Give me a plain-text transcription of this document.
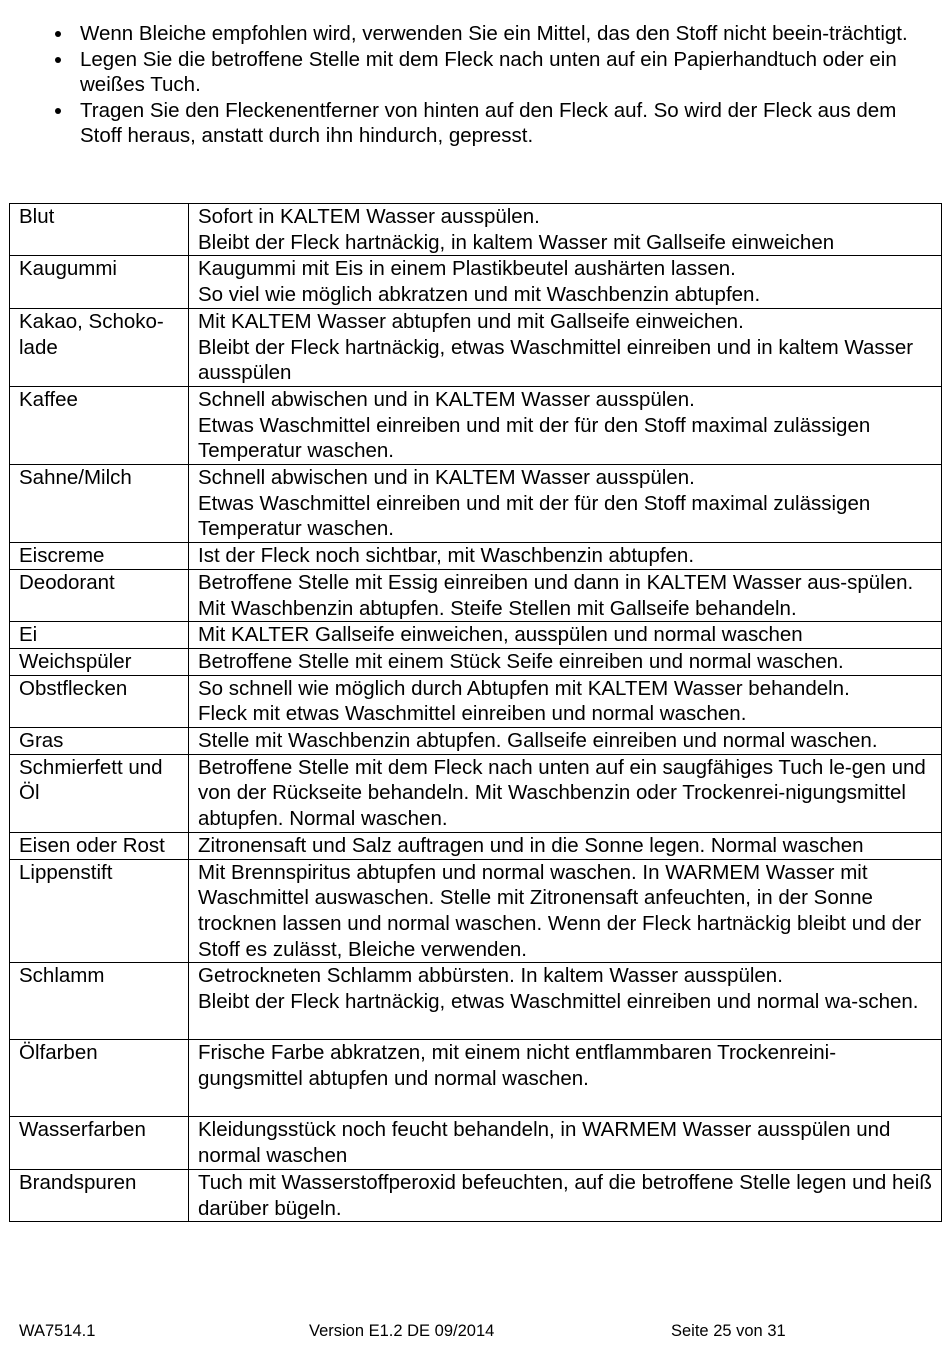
Wenn Bleiche empfohlen wird, verwenden Sie ein Mittel, das den Stoff nicht beein-trächtigt.
Legen Sie die betroffene Stelle mit dem Fleck nach unten auf ein Papierhandtuch oder ein weißes Tuch.
Tragen Sie den Fleckenentferner von hinten auf den Fleck auf. So wird der Fleck aus dem Stoff heraus, anstatt durch ihn hindurch, gepresst.
Blut	Sofort in KALTEM Wasser ausspülen.
Bleibt der Fleck hartnäckig, in kaltem Wasser mit Gallseife einweichen

Kaugummi	Kaugummi mit Eis in einem Plastikbeutel aushärten lassen.
So viel wie möglich abkratzen und mit Waschbenzin abtupfen.

Kakao, Schoko-lade	Mit KALTEM Wasser abtupfen und mit Gallseife einweichen.
Bleibt der Fleck hartnäckig, etwas Waschmittel einreiben und in kaltem Wasser ausspülen

Kaffee	Schnell abwischen und in KALTEM Wasser ausspülen.
Etwas Waschmittel einreiben und mit der für den Stoff maximal zulässigen Temperatur waschen.

Sahne/Milch	Schnell abwischen und in KALTEM Wasser ausspülen.
Etwas Waschmittel einreiben und mit der für den Stoff maximal zulässigen Temperatur waschen.

Eiscreme	Ist der Fleck noch sichtbar, mit Waschbenzin abtupfen.

Deodorant	Betroffene Stelle mit Essig einreiben und dann in KALTEM Wasser aus-spülen. Mit Waschbenzin abtupfen. Steife Stellen mit Gallseife behandeln.

Ei	Mit KALTER Gallseife einweichen, ausspülen und normal waschen

Weichspüler	Betroffene Stelle mit einem Stück Seife einreiben und normal waschen.

Obstflecken	So schnell wie möglich durch Abtupfen mit KALTEM Wasser behandeln.
Fleck mit etwas Waschmittel einreiben und normal waschen.

Gras	Stelle mit Waschbenzin abtupfen. Gallseife einreiben und normal waschen.

Schmierfett und Öl	Betroffene Stelle mit dem Fleck nach unten auf ein saugfähiges Tuch le-gen und von der Rückseite behandeln. Mit Waschbenzin oder Trockenrei-nigungsmittel abtupfen. Normal waschen.

Eisen oder Rost	Zitronensaft und Salz auftragen und in die Sonne legen. Normal waschen

Lippenstift	Mit Brennspiritus abtupfen und normal waschen. In WARMEM Wasser mit Waschmittel auswaschen. Stelle mit Zitronensaft anfeuchten, in der Sonne trocknen lassen und normal waschen. Wenn der Fleck hartnäckig bleibt und der Stoff es zulässt, Bleiche verwenden.

Schlamm	Getrockneten Schlamm abbürsten. In kaltem Wasser ausspülen.
Bleibt der Fleck hartnäckig, etwas Waschmittel einreiben und normal wa-schen.

Ölfarben	Frische Farbe abkratzen, mit einem nicht entflammbaren Trockenreini-gungsmittel abtupfen und normal waschen.

Wasserfarben	Kleidungsstück noch feucht behandeln, in WARMEM Wasser ausspülen und normal waschen

Brandspuren	Tuch mit Wasserstoffperoxid befeuchten, auf die betroffene Stelle legen und heiß darüber bügeln.
WA7514.1	Version E1.2 DE 09/2014	Seite 25 von 31
